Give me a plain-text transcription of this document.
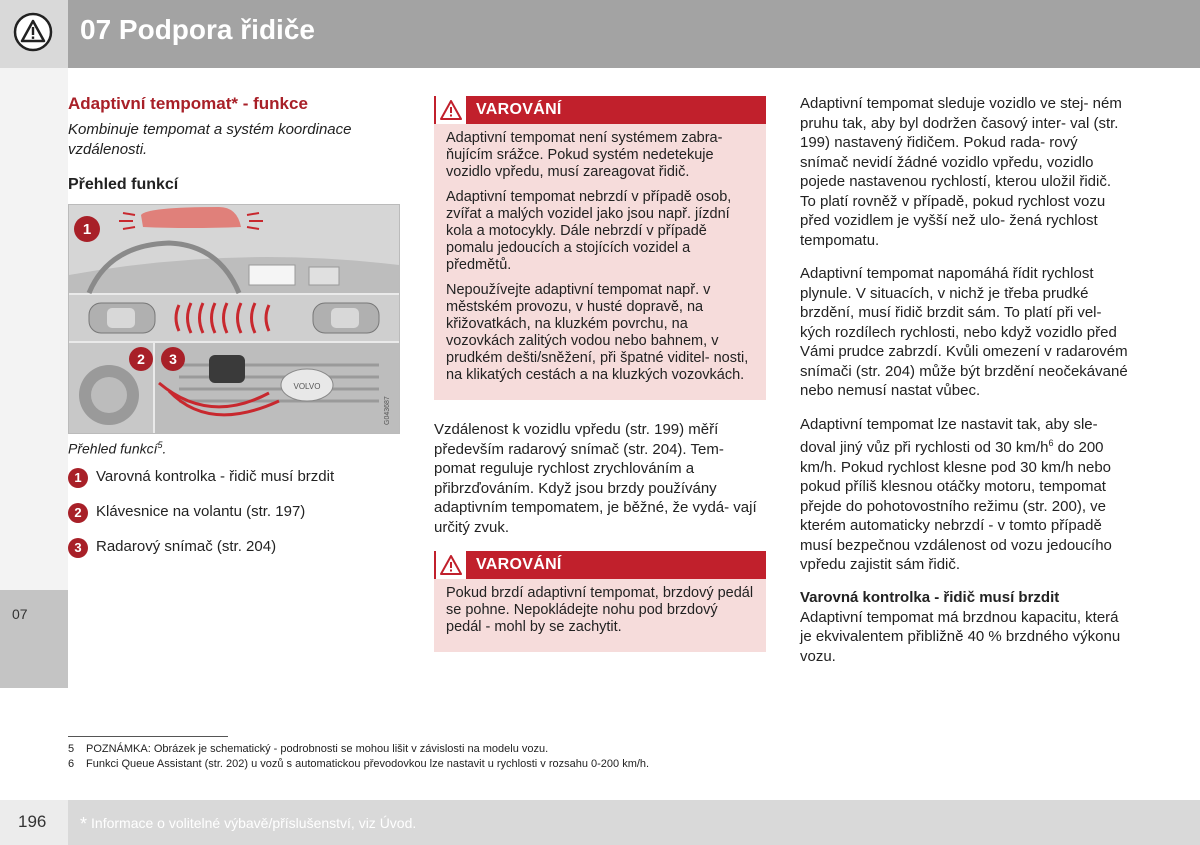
07 Podpora řidiče
07
Adaptivní tempomat* - funkce
Kombinuje tempomat a systém koordinace vzdálenosti.
Přehled funkcí
VOLVO
G043687
1
2 3
Přehled funkcí$^5$.
1 Varovná kontrolka - řidič musí brzdit
2 Klávesnice na volantu (str. 197)
3 Radarový snímač (str. 204)
VAROVÁNÍ

Adaptivní tempomat není systémem zabra- ňujícím srážce. Pokud systém nedetekuje vozidlo vpředu, musí zareagovat řidič.

Adaptivní tempomat nebrzdí v případě osob, zvířat a malých vozidel jako jsou např. jízdní kola a motocykly. Dále nebrzdí v případě pomalu jedoucích a stojících vozidel a předmětů.

Nepoužívejte adaptivní tempomat např. v městském provozu, v husté dopravě, na křižovatkách, na kluzkém povrchu, na vozovkách zalitých vodou nebo bahnem, v prudkém dešti/sněžení, při špatné viditel- nosti, na klikatých cestách a na kluzkých vozovkách.

Vzdálenost k vozidlu vpředu (str. 199) měří především radarový snímač (str. 204). Tem- pomat reguluje rychlost zrychlováním a přibrzďováním. Když jsou brzdy používány adaptivním tempomatem, je běžné, že vydá- vají určitý zvuk.

VAROVÁNÍ

Pokud brzdí adaptivní tempomat, brzdový pedál se pohne. Nepokládejte nohu pod brzdový pedál - mohl by se zachytit.

Adaptivní tempomat sleduje vozidlo ve stej- ném pruhu tak, aby byl dodržen časový inter- val (str. 199) nastavený řidičem. Pokud rada- rový snímač nevidí žádné vozidlo vpředu, vozidlo pojede nastavenou rychlostí, kterou uložil řidič. To platí rovněž v případě, pokud rychlost vozu před vozidlem je vyšší než ulo- žená rychlost tempomatu.

Adaptivní tempomat napomáhá řídit rychlost plynule. V situacích, v nichž je třeba prudké brzdění, musí řidič brzdit sám. To platí při vel- kých rozdílech rychlosti, nebo když vozidlo před Vámi prudce zabrzdí. Kvůli omezení v radarovém snímači (str. 204) může být brzdění neočekávané nebo nemusí nastat vůbec.

Adaptivní tempomat lze nastavit tak, aby sle- doval jiný vůz při rychlosti od 30 $km/h^6$ do 200 km/h. Pokud rychlost klesne pod 30 km/h nebo pokud příliš klesnou otáčky motoru, tempomat přejde do pohotovostního režimu (str. 200), ve kterém automaticky nebrzdí - v tomto případě musí bezpečnou vzdálenost od vozu jedoucího vpředu zajistit sám řidič.

Varovná kontrolka - řidič musí brzdit

Adaptivní tempomat má brzdnou kapacitu, která je ekvivalentem přibližně 40 % brzdného výkonu vozu.

5 POZNÁMKA: Obrázek je schematický - podrobnosti se mohou lišit v závislosti na modelu vozu.
6 Funkci Queue Assistant (str. 202) u vozů s automatickou převodovkou lze nastavit u rychlosti v rozsahu 0-200 km/h.
* Informace o volitelné výbavě/příslušenství, viz Úvod.
196
